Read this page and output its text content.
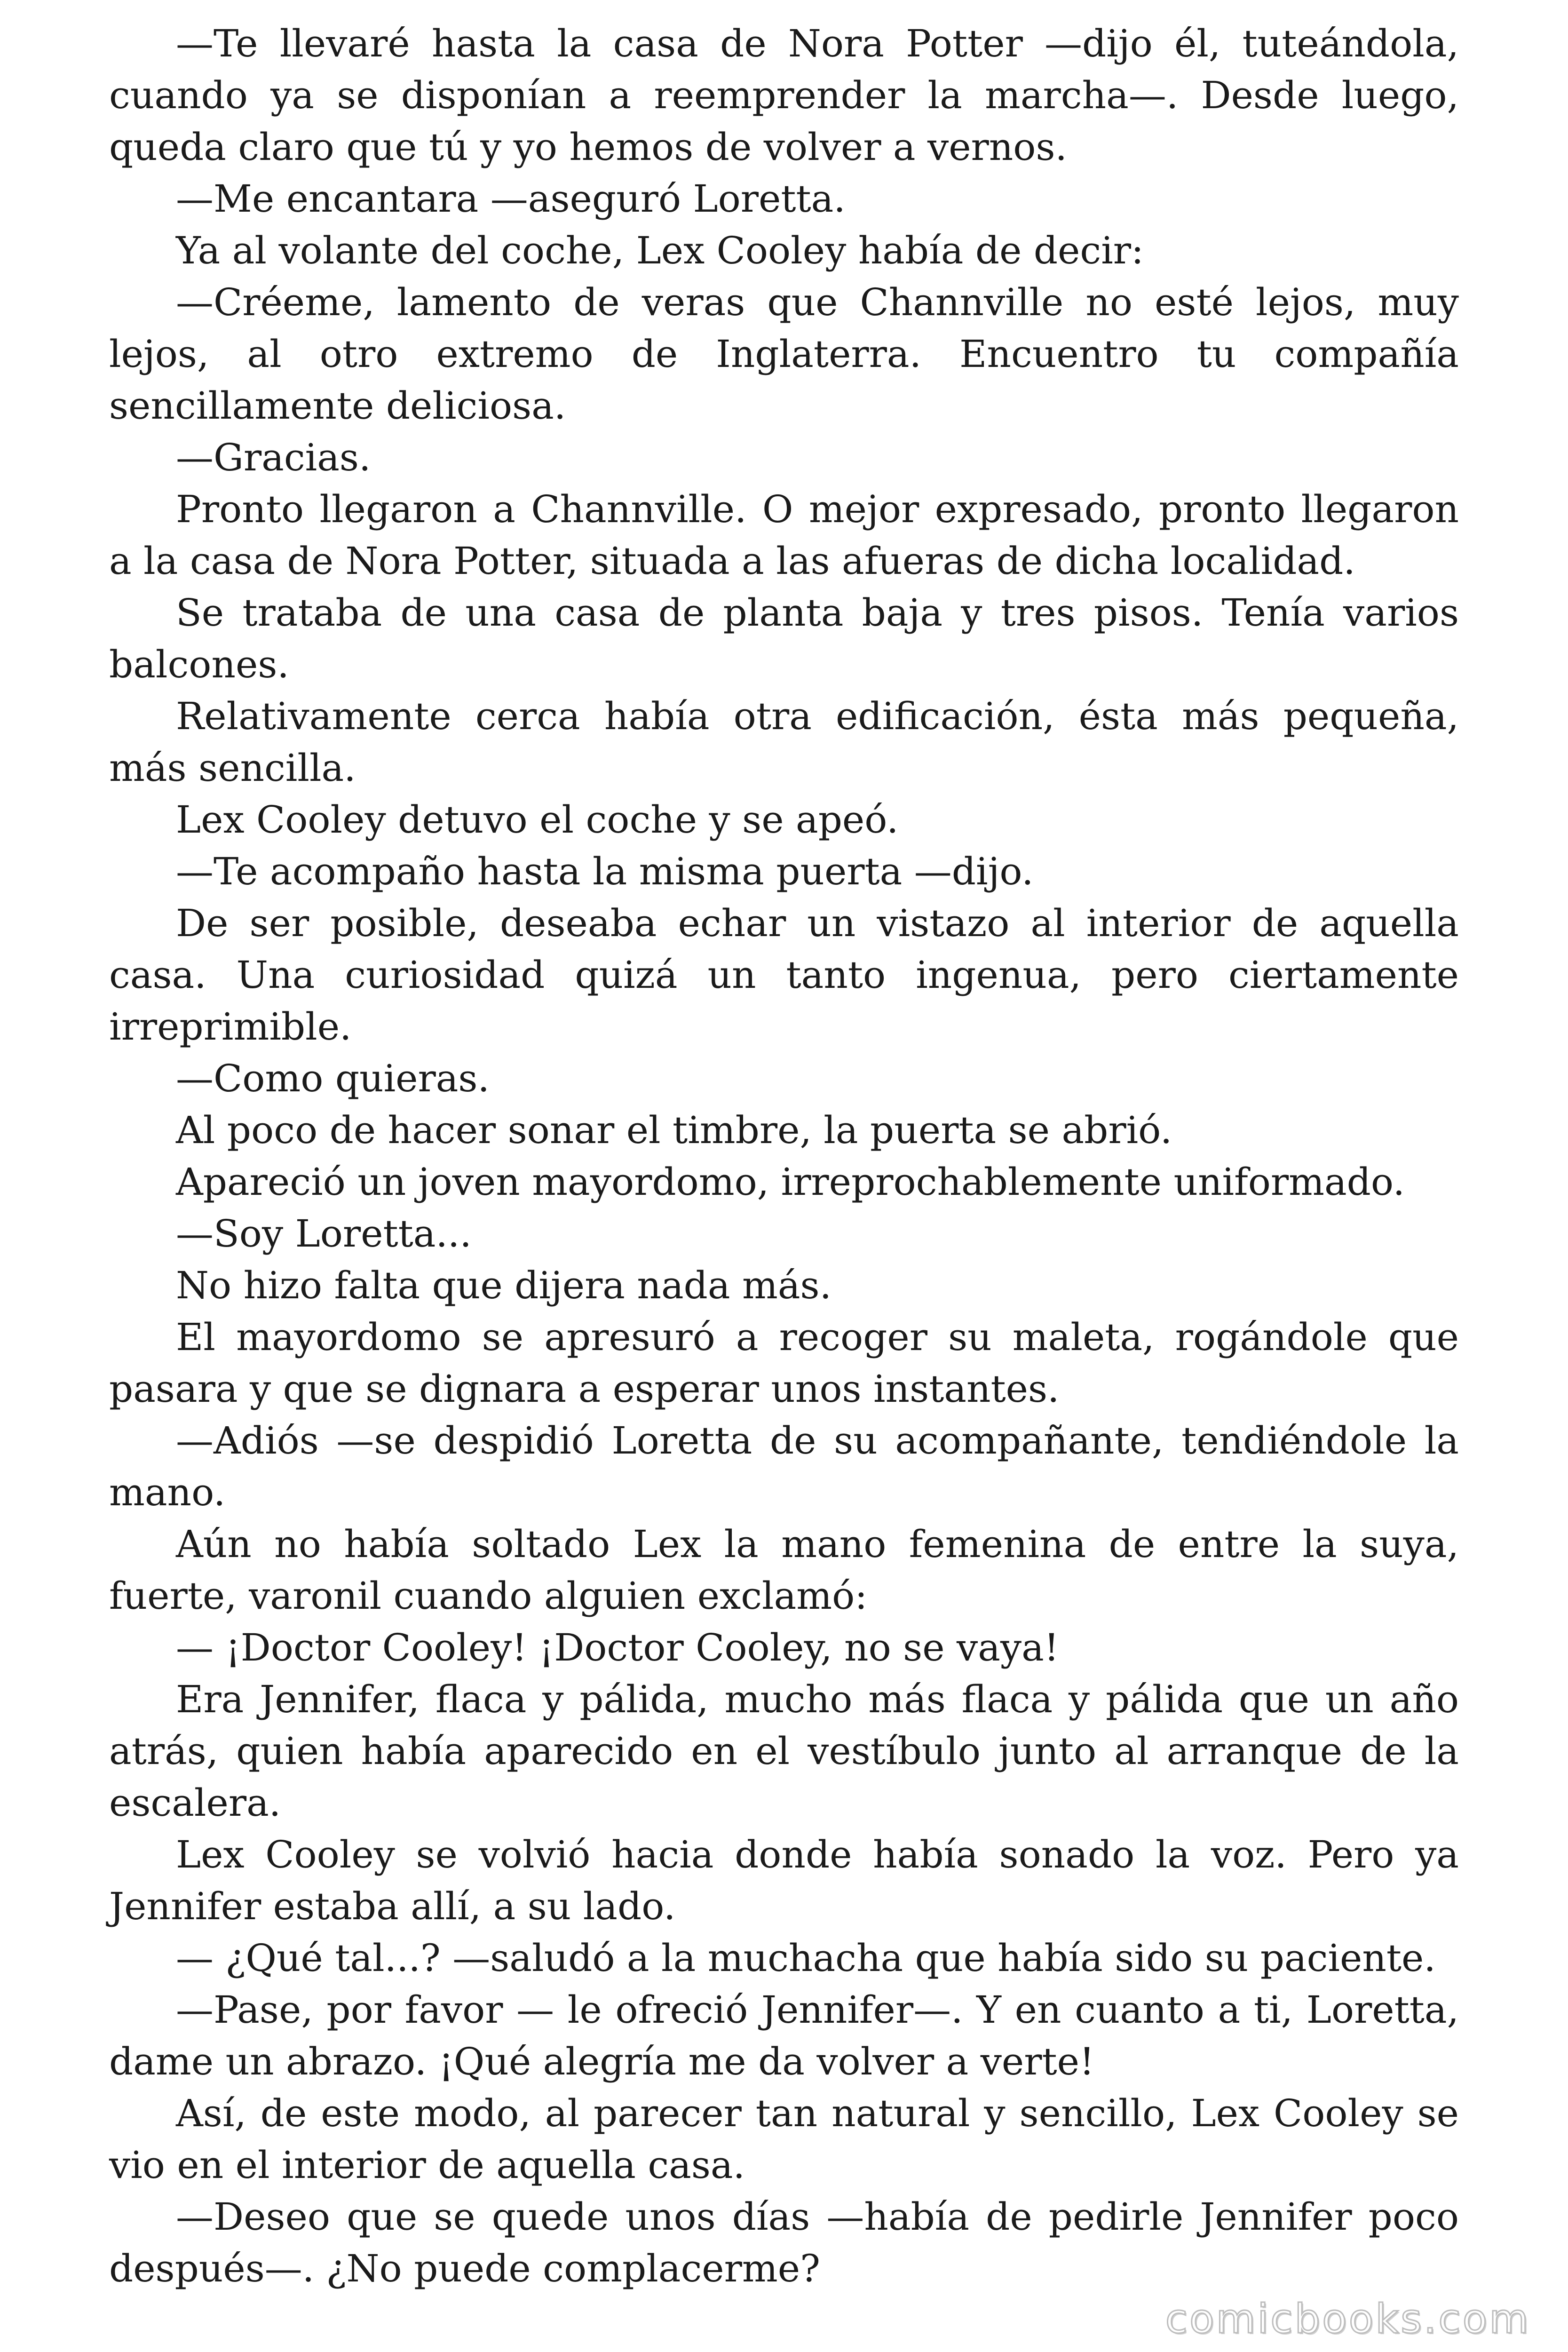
—Te llevaré hasta la casa de Nora Potter —dijo él, tuteándola, cuando ya se disponían a reemprender la marcha—. Desde luego, queda claro que tú y yo hemos de volver a vernos.

—Me encantara —aseguró Loretta.

Ya al volante del coche, Lex Cooley había de decir:

—Créeme, lamento de veras que Channville no esté lejos, muy lejos, al otro extremo de Inglaterra. Encuentro tu compañía sencillamente deliciosa.

—Gracias.

Pronto llegaron a Channville. O mejor expresado, pronto llegaron a la casa de Nora Potter, situada a las afueras de dicha localidad.

Se trataba de una casa de planta baja y tres pisos. Tenía varios balcones.

Relativamente cerca había otra edificación, ésta más pequeña, más sencilla.

Lex Cooley detuvo el coche y se apeó.

—Te acompaño hasta la misma puerta —dijo.

De ser posible, deseaba echar un vistazo al interior de aquella casa. Una curiosidad quizá un tanto ingenua, pero ciertamente irreprimible.

—Como quieras.

Al poco de hacer sonar el timbre, la puerta se abrió.

Apareció un joven mayordomo, irreprochablemente uniformado.

—Soy Loretta...

No hizo falta que dijera nada más.

El mayordomo se apresuró a recoger su maleta, rogándole que pasara y que se dignara a esperar unos instantes.

—Adiós —se despidió Loretta de su acompañante, tendiéndole la mano.

Aún no había soltado Lex la mano femenina de entre la suya, fuerte, varonil cuando alguien exclamó:

— ¡Doctor Cooley! ¡Doctor Cooley, no se vaya!

Era Jennifer, flaca y pálida, mucho más flaca y pálida que un año atrás, quien había aparecido en el vestíbulo junto al arranque de la escalera.

Lex Cooley se volvió hacia donde había sonado la voz. Pero ya Jennifer estaba allí, a su lado.

— ¿Qué tal...? —saludó a la muchacha que había sido su paciente.

—Pase, por favor — le ofreció Jennifer—. Y en cuanto a ti, Loretta, dame un abrazo. ¡Qué alegría me da volver a verte!

Así, de este modo, al parecer tan natural y sencillo, Lex Cooley se vio en el interior de aquella casa.

—Deseo que se quede unos días —había de pedirle Jennifer poco después—. ¿No puede complacerme?

comicbooks.com
